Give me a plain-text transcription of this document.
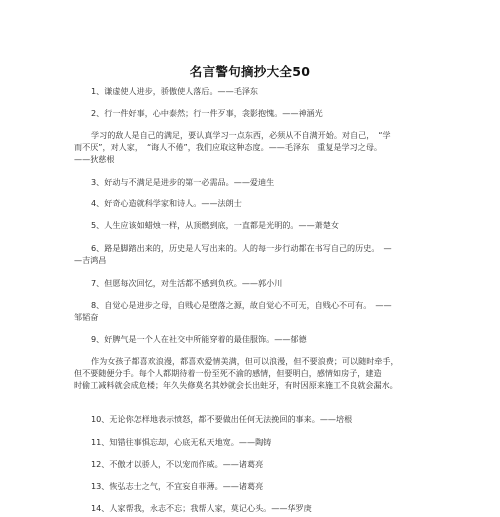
名言警句摘抄大全50
1、谦虚使人进步，骄傲使人落后。——毛泽东
2、行一件好事，心中泰然；行一件歹事，衾影抱愧。——神涵光
学习的敌人是自己的满足，要认真学习一点东西，必须从不自满开始。对自己，　“学
而不厌”，对人家，　“诲人不倦”，我们应取这种态度。——毛泽东　重复是学习之母。
——狄慈根
3、好动与不满足是进步的第一必需品。——爱迪生
4、好奇心造就科学家和诗人。——法朗士
5、人生应该如蜡烛一样，从顶燃到底，一直都是光明的。——萧楚女
6、路是脚踏出来的，历史是人写出来的。人的每一步行动都在书写自己的历史。　—
—吉鸿昌
7、但愿每次回忆，对生活都不感到负疚。——郭小川
8、自觉心是进步之母，自贱心是堕落之源，故自觉心不可无，自贱心不可有。　——
邹韬奋
9、好脾气是一个人在社交中所能穿着的最佳服饰。——郁德
作为女孩子都喜欢浪漫，都喜欢爱情美满，但可以浪漫，但不要浪费；可以随时牵手，
但不要随便分手。每个人都期待着一份至死不渝的感情，但要明白，感情如房子，建造
时偷工减料就会成危楼；年久失修莫名其妙就会长出蛀牙，有时因原来施工不良就会漏水。
10、无论你怎样地表示愤怒，都不要做出任何无法挽回的事来。——培根
11、知错往事惧忘却，心底无私天地宽。——陶铸
12、不傲才以骄人，不以宠而作威。——诸葛亮
13、恢弘志士之气，不宜妄自菲薄。——诸葛亮
14、人家帮我，永志不忘；我帮人家，莫记心头。——华罗庚
